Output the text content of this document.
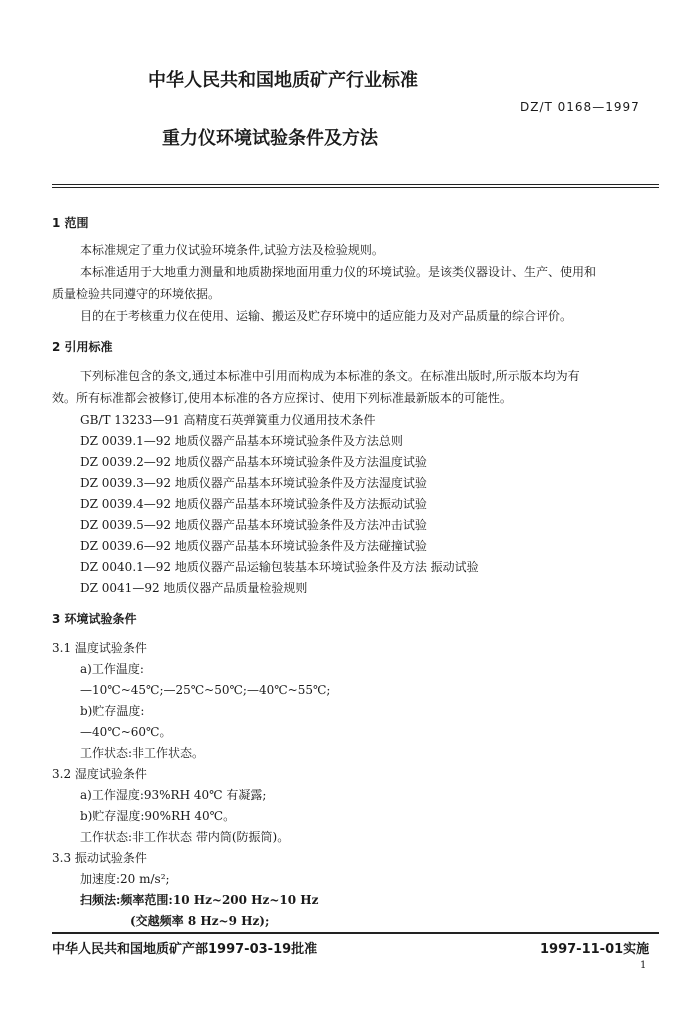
中华人民共和国地质矿产行业标准
DZ/T 0168—1997
重力仪环境试验条件及方法
1 范围
本标准规定了重力仪试验环境条件,试验方法及检验规则。
本标准适用于大地重力测量和地质勘探地面用重力仪的环境试验。是该类仪器设计、生产、使用和
质量检验共同遵守的环境依据。
目的在于考核重力仪在使用、运输、搬运及贮存环境中的适应能力及对产品质量的综合评价。
2 引用标准
下列标准包含的条文,通过本标准中引用而构成为本标准的条文。在标准出版时,所示版本均为有
效。所有标准都会被修订,使用本标准的各方应探讨、使用下列标准最新版本的可能性。
GB/T 13233—91 高精度石英弹簧重力仪通用技术条件
DZ 0039.1—92 地质仪器产品基本环境试验条件及方法总则
DZ 0039.2—92 地质仪器产品基本环境试验条件及方法温度试验
DZ 0039.3—92 地质仪器产品基本环境试验条件及方法湿度试验
DZ 0039.4—92 地质仪器产品基本环境试验条件及方法振动试验
DZ 0039.5—92 地质仪器产品基本环境试验条件及方法冲击试验
DZ 0039.6—92 地质仪器产品基本环境试验条件及方法碰撞试验
DZ 0040.1—92 地质仪器产品运输包装基本环境试验条件及方法 振动试验
DZ 0041—92 地质仪器产品质量检验规则
3 环境试验条件
3.1 温度试验条件
a)工作温度:
—10℃~45℃;—25℃~50℃;—40℃~55℃;
b)贮存温度:
—40℃~60℃。
工作状态:非工作状态。
3.2 湿度试验条件
a)工作湿度:93%RH 40℃ 有凝露;
b)贮存湿度:90%RH 40℃。
工作状态:非工作状态 带内筒(防振筒)。
3.3 振动试验条件
加速度:20 m/s²;
扫频法:频率范围:10 Hz~200 Hz~10 Hz
(交越频率 8 Hz~9 Hz);
中华人民共和国地质矿产部1997-03-19批准	1997-11-01实施
1
